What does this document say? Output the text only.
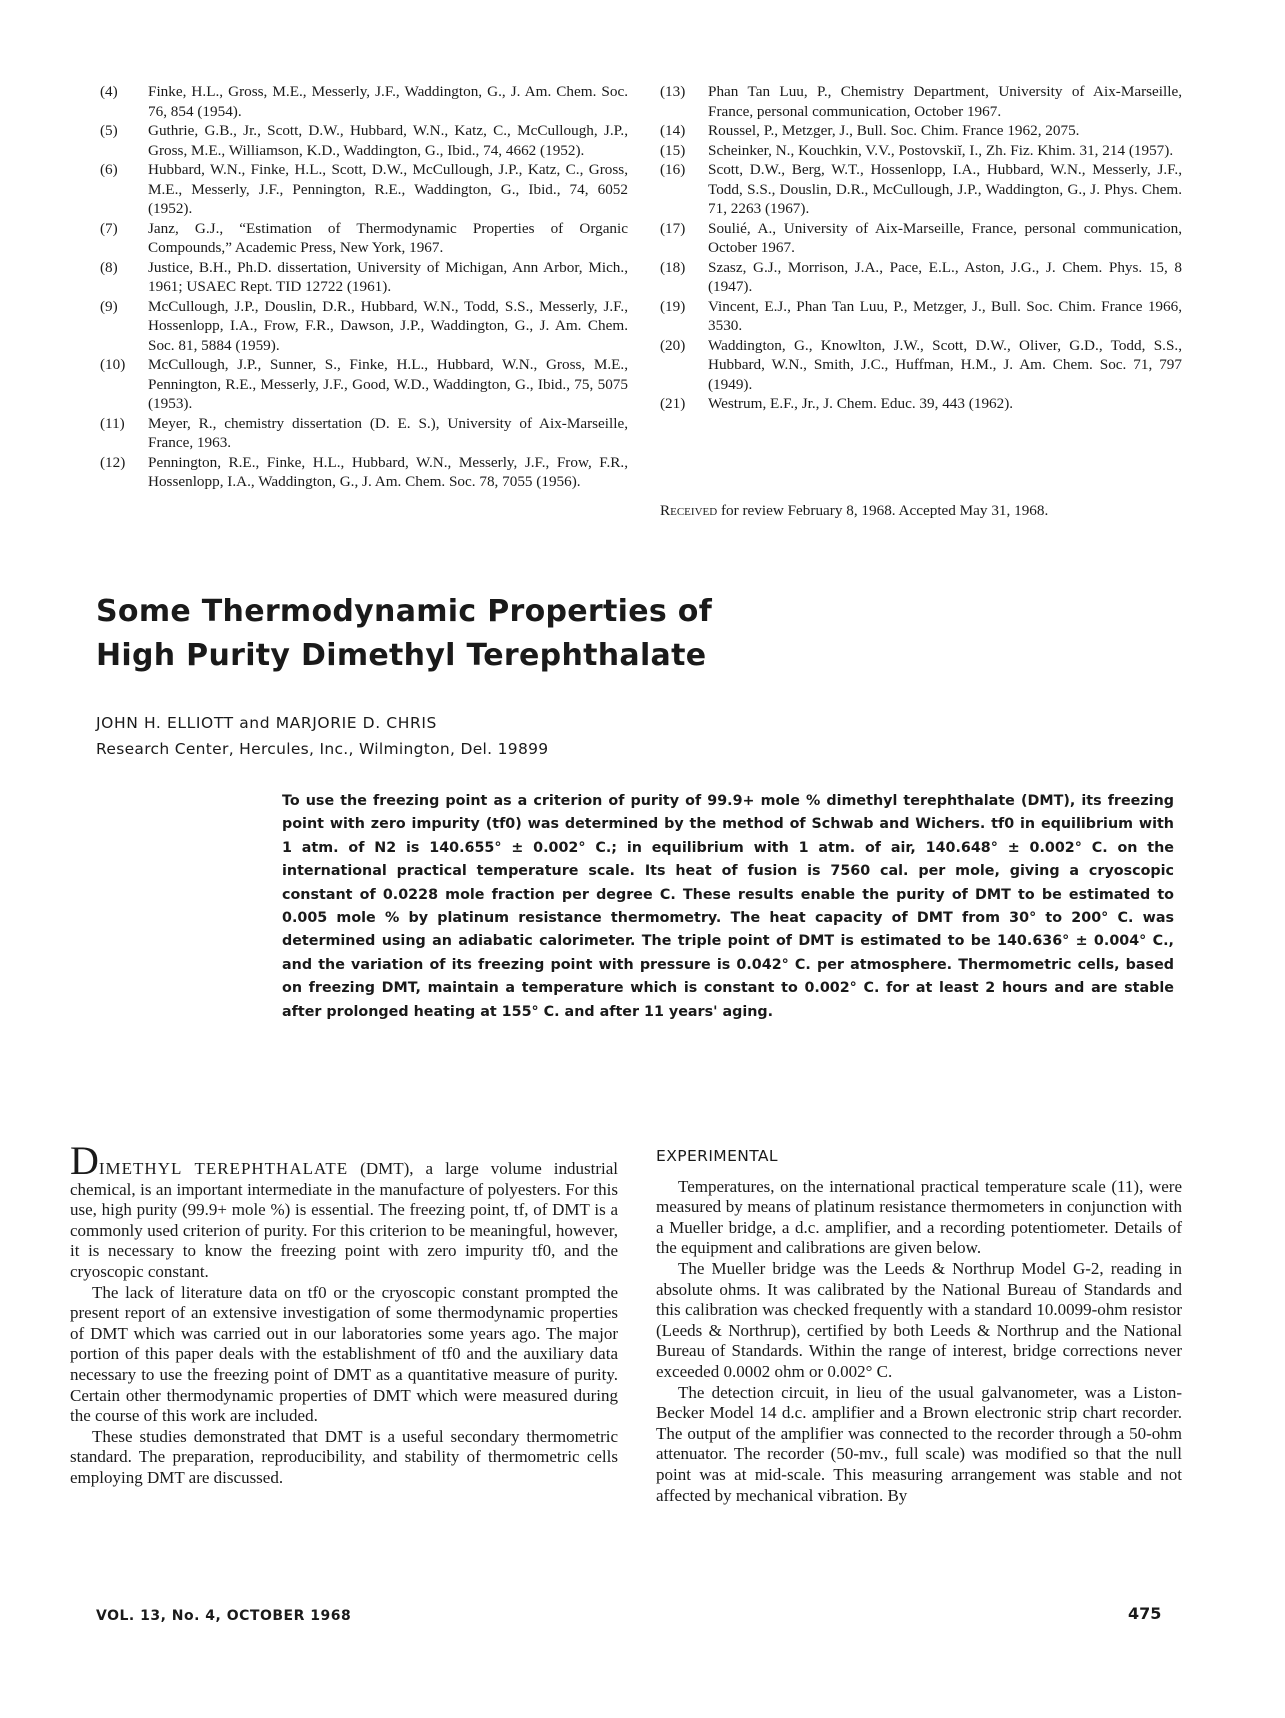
(4)	Finke, H.L., Gross, M.E., Messerly, J.F., Waddington, G., J. Am. Chem. Soc. 76, 854 (1954).
(5)	Guthrie, G.B., Jr., Scott, D.W., Hubbard, W.N., Katz, C., McCullough, J.P., Gross, M.E., Williamson, K.D., Waddington, G., Ibid., 74, 4662 (1952).
(6)	Hubbard, W.N., Finke, H.L., Scott, D.W., McCullough, J.P., Katz, C., Gross, M.E., Messerly, J.F., Pennington, R.E., Waddington, G., Ibid., 74, 6052 (1952).
(7)	Janz, G.J., “Estimation of Thermodynamic Properties of Organic Compounds,” Academic Press, New York, 1967.
(8)	Justice, B.H., Ph.D. dissertation, University of Michigan, Ann Arbor, Mich., 1961; USAEC Rept. TID 12722 (1961).
(9)	McCullough, J.P., Douslin, D.R., Hubbard, W.N., Todd, S.S., Messerly, J.F., Hossenlopp, I.A., Frow, F.R., Dawson, J.P., Waddington, G., J. Am. Chem. Soc. 81, 5884 (1959).
(10)	McCullough, J.P., Sunner, S., Finke, H.L., Hubbard, W.N., Gross, M.E., Pennington, R.E., Messerly, J.F., Good, W.D., Waddington, G., Ibid., 75, 5075 (1953).
(11)	Meyer, R., chemistry dissertation (D. E. S.), University of Aix-Marseille, France, 1963.
(12)	Pennington, R.E., Finke, H.L., Hubbard, W.N., Messerly, J.F., Frow, F.R., Hossenlopp, I.A., Waddington, G., J. Am. Chem. Soc. 78, 7055 (1956).
(13)	Phan Tan Luu, P., Chemistry Department, University of Aix-Marseille, France, personal communication, October 1967.
(14)	Roussel, P., Metzger, J., Bull. Soc. Chim. France 1962, 2075.
(15)	Scheinker, N., Kouchkin, V.V., Postovskiĭ, I., Zh. Fiz. Khim. 31, 214 (1957).
(16)	Scott, D.W., Berg, W.T., Hossenlopp, I.A., Hubbard, W.N., Messerly, J.F., Todd, S.S., Douslin, D.R., McCullough, J.P., Waddington, G., J. Phys. Chem. 71, 2263 (1967).
(17)	Soulié, A., University of Aix-Marseille, France, personal communication, October 1967.
(18)	Szasz, G.J., Morrison, J.A., Pace, E.L., Aston, J.G., J. Chem. Phys. 15, 8 (1947).
(19)	Vincent, E.J., Phan Tan Luu, P., Metzger, J., Bull. Soc. Chim. France 1966, 3530.
(20)	Waddington, G., Knowlton, J.W., Scott, D.W., Oliver, G.D., Todd, S.S., Hubbard, W.N., Smith, J.C., Huffman, H.M., J. Am. Chem. Soc. 71, 797 (1949).
(21)	Westrum, E.F., Jr., J. Chem. Educ. 39, 443 (1962).
Received for review February 8, 1968. Accepted May 31, 1968.
Some Thermodynamic Properties of
High Purity Dimethyl Terephthalate
JOHN H. ELLIOTT and MARJORIE D. CHRIS
Research Center, Hercules, Inc., Wilmington, Del. 19899
To use the freezing point as a criterion of purity of 99.9+ mole % dimethyl terephthalate (DMT), its freezing point with zero impurity (tf0) was determined by the method of Schwab and Wichers. tf0 in equilibrium with 1 atm. of N2 is 140.655° ± 0.002° C.; in equilibrium with 1 atm. of air, 140.648° ± 0.002° C. on the international practical temperature scale. Its heat of fusion is 7560 cal. per mole, giving a cryoscopic constant of 0.0228 mole fraction per degree C. These results enable the purity of DMT to be estimated to 0.005 mole % by platinum resistance thermometry. The heat capacity of DMT from 30° to 200° C. was determined using an adiabatic calorimeter. The triple point of DMT is estimated to be 140.636° ± 0.004° C., and the variation of its freezing point with pressure is 0.042° C. per atmosphere. Thermometric cells, based on freezing DMT, maintain a temperature which is constant to 0.002° C. for at least 2 hours and are stable after prolonged heating at 155° C. and after 11 years' aging.

DIMETHYL TEREPHTHALATE (DMT), a large volume industrial chemical, is an important intermediate in the manufacture of polyesters. For this use, high purity (99.9+ mole %) is essential. The freezing point, tf, of DMT is a commonly used criterion of purity. For this criterion to be meaningful, however, it is necessary to know the freezing point with zero impurity tf0, and the cryoscopic constant.

The lack of literature data on tf0 or the cryoscopic constant prompted the present report of an extensive investigation of some thermodynamic properties of DMT which was carried out in our laboratories some years ago. The major portion of this paper deals with the establishment of tf0 and the auxiliary data necessary to use the freezing point of DMT as a quantitative measure of purity. Certain other thermodynamic properties of DMT which were measured during the course of this work are included.

These studies demonstrated that DMT is a useful secondary thermometric standard. The preparation, reproducibility, and stability of thermometric cells employing DMT are discussed.

EXPERIMENTAL

Temperatures, on the international practical temperature scale (11), were measured by means of platinum resistance thermometers in conjunction with a Mueller bridge, a d.c. amplifier, and a recording potentiometer. Details of the equipment and calibrations are given below.

The Mueller bridge was the Leeds & Northrup Model G-2, reading in absolute ohms. It was calibrated by the National Bureau of Standards and this calibration was checked frequently with a standard 10.0099-ohm resistor (Leeds & Northrup), certified by both Leeds & Northrup and the National Bureau of Standards. Within the range of interest, bridge corrections never exceeded 0.0002 ohm or 0.002° C.

The detection circuit, in lieu of the usual galvanometer, was a Liston-Becker Model 14 d.c. amplifier and a Brown electronic strip chart recorder. The output of the amplifier was connected to the recorder through a 50-ohm attenuator. The recorder (50-mv., full scale) was modified so that the null point was at mid-scale. This measuring arrangement was stable and not affected by mechanical vibration. By

VOL. 13, No. 4, OCTOBER 1968	475
